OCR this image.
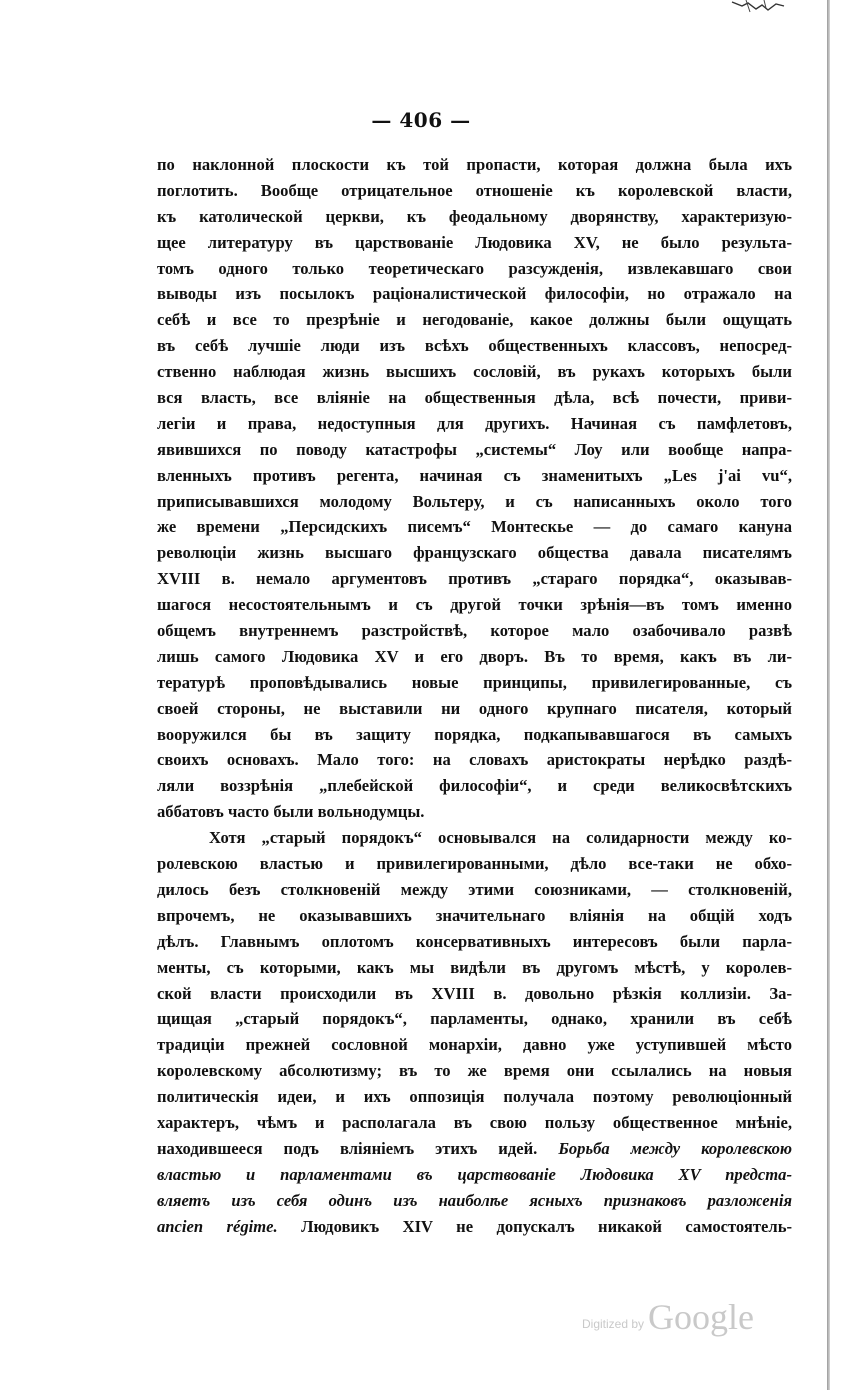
— 406 —
по наклонной плоскости къ той пропасти, которая должна была ихъ
поглотить. Вообще отрицательное отношеніе къ королевской власти,
къ католической церкви, къ феодальному дворянству, характеризую-
щее литературу въ царствованіе Людовика XV, не было результа-
томъ одного только теоретическаго разсужденія, извлекавшаго свои
выводы изъ посылокъ раціоналистической философіи, но отражало на
себѣ и все то презрѣніе и негодованіе, какое должны были ощущать
въ себѣ лучшіе люди изъ всѣхъ общественныхъ классовъ, непосред-
ственно наблюдая жизнь высшихъ сословій, въ рукахъ которыхъ были
вся власть, все вліяніе на общественныя дѣла, всѣ почести, приви-
легіи и права, недоступныя для другихъ. Начиная съ памфлетовъ,
явившихся по поводу катастрофы „системы“ Лоу или вообще напра-
вленныхъ противъ регента, начиная съ знаменитыхъ „Les j'ai vu“,
приписывавшихся молодому Вольтеру, и съ написанныхъ около того
же времени „Персидскихъ писемъ“ Монтескье — до самаго кануна
революціи жизнь высшаго французскаго общества давала писателямъ
XVIII в. немало аргументовъ противъ „стараго порядка“, оказывав-
шагося несостоятельнымъ и съ другой точки зрѣнія—въ томъ именно
общемъ внутреннемъ разстройствѣ, которое мало озабочивало развѣ
лишь самого Людовика XV и его дворъ. Въ то время, какъ въ ли-
тературѣ проповѣдывались новые принципы, привилегированные, съ
своей стороны, не выставили ни одного крупнаго писателя, который
вооружился бы въ защиту порядка, подкапывавшагося въ самыхъ
своихъ основахъ. Мало того: на словахъ аристократы нерѣдко раздѣ-
ляли воззрѣнія „плебейской философіи“, и среди великосвѣтскихъ
аббатовъ часто были вольнодумцы.
Хотя „старый порядокъ“ основывался на солидарности между ко-
ролевскою властью и привилегированными, дѣло все-таки не обхо-
дилось безъ столкновеній между этими союзниками, — столкновеній,
впрочемъ, не оказывавшихъ значительнаго вліянія на общій ходъ
дѣлъ. Главнымъ оплотомъ консервативныхъ интересовъ были парла-
менты, съ которыми, какъ мы видѣли въ другомъ мѣстѣ, у королев-
ской власти происходили въ XVIII в. довольно рѣзкія коллизіи. За-
щищая „старый порядокъ“, парламенты, однако, хранили въ себѣ
традиціи прежней сословной монархіи, давно уже уступившей мѣсто
королевскому абсолютизму; въ то же время они ссылались на новыя
политическія идеи, и ихъ оппозиція получала поэтому революціонный
характеръ, чѣмъ и располагала въ свою пользу общественное мнѣніе,
находившееся подъ вліяніемъ этихъ идей. Борьба между королевскою
властью и парламентами въ царствованіе Людовика XV предста-
вляетъ изъ себя одинъ изъ наиболѣе ясныхъ признаковъ разложенія
ancien régime. Людовикъ XIV не допускалъ никакой самостоятель-
Digitized by Google
